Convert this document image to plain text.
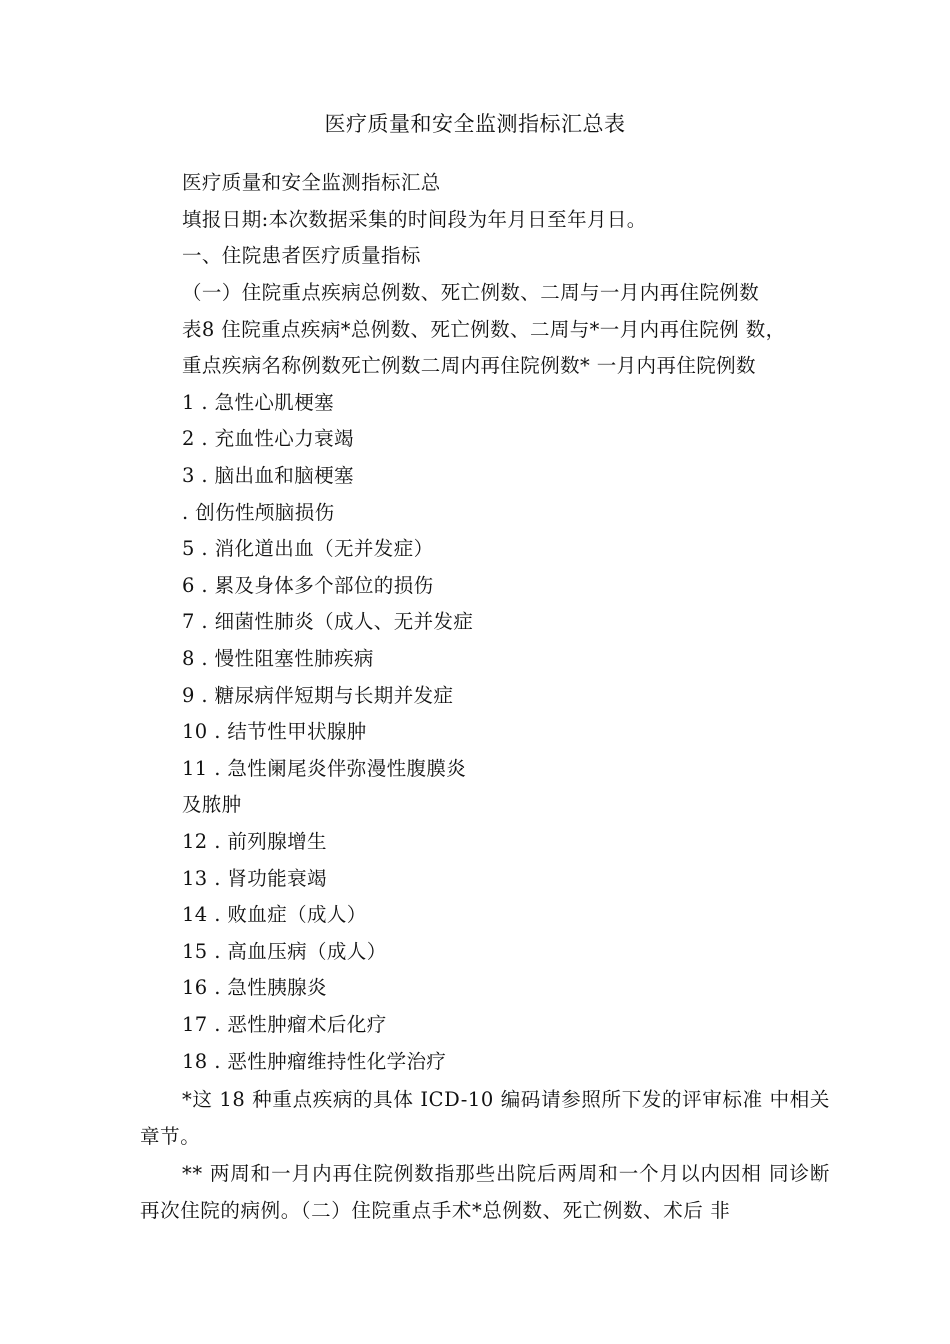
医疗质量和安全监测指标汇总表
医疗质量和安全监测指标汇总
填报日期:本次数据采集的时间段为年月日至年月日。
一、住院患者医疗质量指标
（一）住院重点疾病总例数、死亡例数、二周与一月内再住院例数
表8 住院重点疾病*总例数、死亡例数、二周与*一月内再住院例 数，
重点疾病名称例数死亡例数二周内再住院例数* 一月内再住院例数
1 . 急性心肌梗塞
2 . 充血性心力衰竭
3 . 脑出血和脑梗塞
. 创伤性颅脑损伤
5 . 消化道出血（无并发症）
6 . 累及身体多个部位的损伤
7 . 细菌性肺炎（成人、无并发症
8 . 慢性阻塞性肺疾病
9 . 糖尿病伴短期与长期并发症
10 . 结节性甲状腺肿
11 . 急性阑尾炎伴弥漫性腹膜炎
及脓肿
12 . 前列腺增生
13 . 肾功能衰竭
14 . 败血症（成人）
15 . 高血压病（成人）
16 . 急性胰腺炎
17 . 恶性肿瘤术后化疗
18 . 恶性肿瘤维持性化学治疗
*这 18 种重点疾病的具体 ICD-10 编码请参照所下发的评审标准 中相关章节。
** 两周和一月内再住院例数指那些出院后两周和一个月以内因相 同诊断再次住院的病例。（二）住院重点手术*总例数、死亡例数、术后 非
